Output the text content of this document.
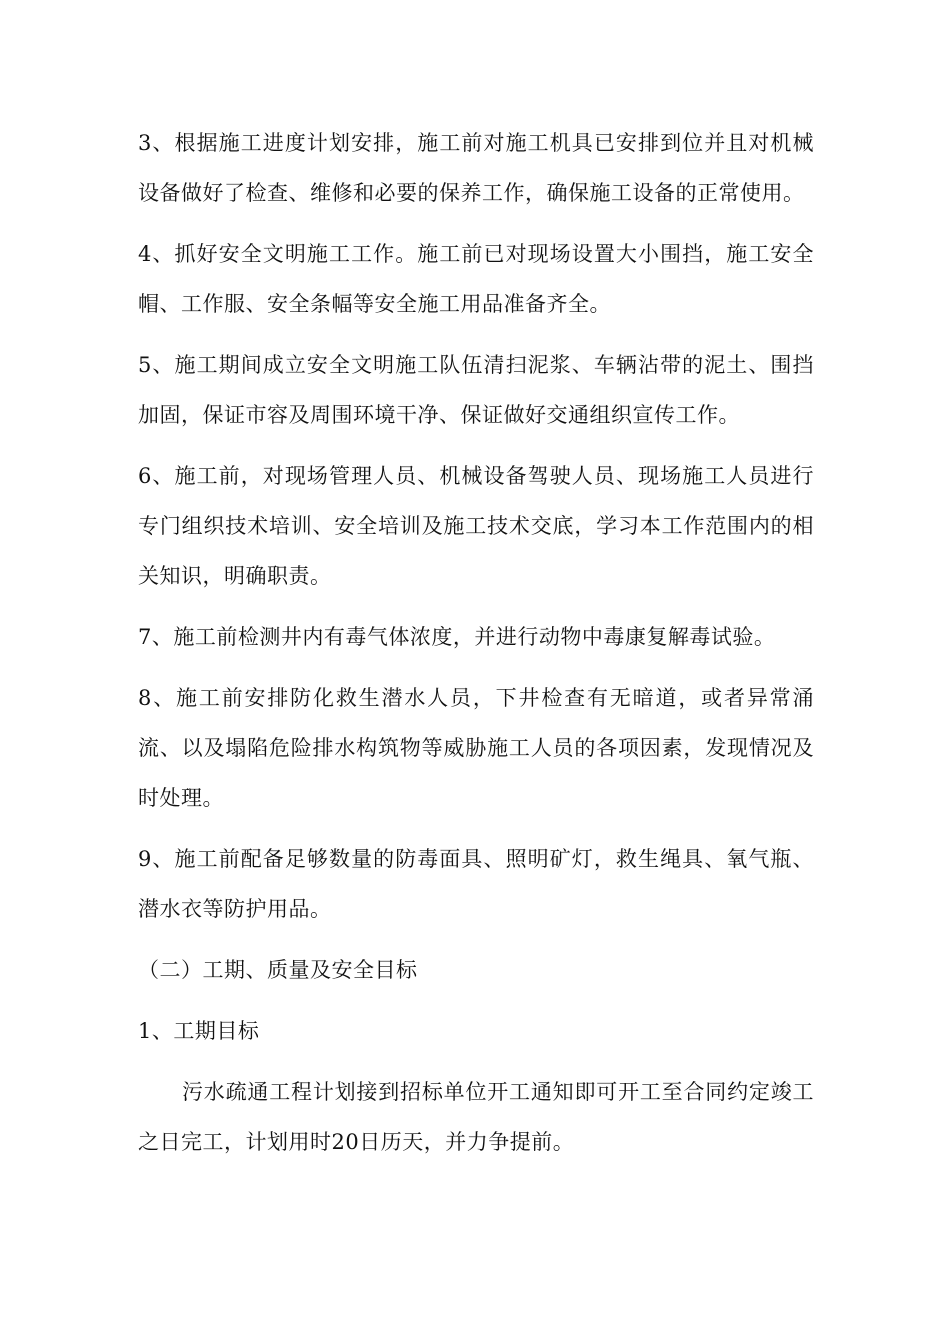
3、根据施工进度计划安排，施工前对施工机具已安排到位并且对机械设备做好了检查、维修和必要的保养工作，确保施工设备的正常使用。

4、抓好安全文明施工工作。施工前已对现场设置大小围挡，施工安全帽、工作服、安全条幅等安全施工用品准备齐全。

5、施工期间成立安全文明施工队伍清扫泥浆、车辆沾带的泥土、围挡加固，保证市容及周围环境干净、保证做好交通组织宣传工作。

6、施工前，对现场管理人员、机械设备驾驶人员、现场施工人员进行专门组织技术培训、安全培训及施工技术交底，学习本工作范围内的相关知识，明确职责。

7、施工前检测井内有毒气体浓度，并进行动物中毒康复解毒试验。

8、施工前安排防化救生潜水人员，下井检查有无暗道，或者异常涌流、以及塌陷危险排水构筑物等威胁施工人员的各项因素，发现情况及时处理。

9、施工前配备足够数量的防毒面具、照明矿灯，救生绳具、氧气瓶、潜水衣等防护用品。

（二）工期、质量及安全目标

1、工期目标

污水疏通工程计划接到招标单位开工通知即可开工至合同约定竣工之日完工，计划用时20日历天，并力争提前。
